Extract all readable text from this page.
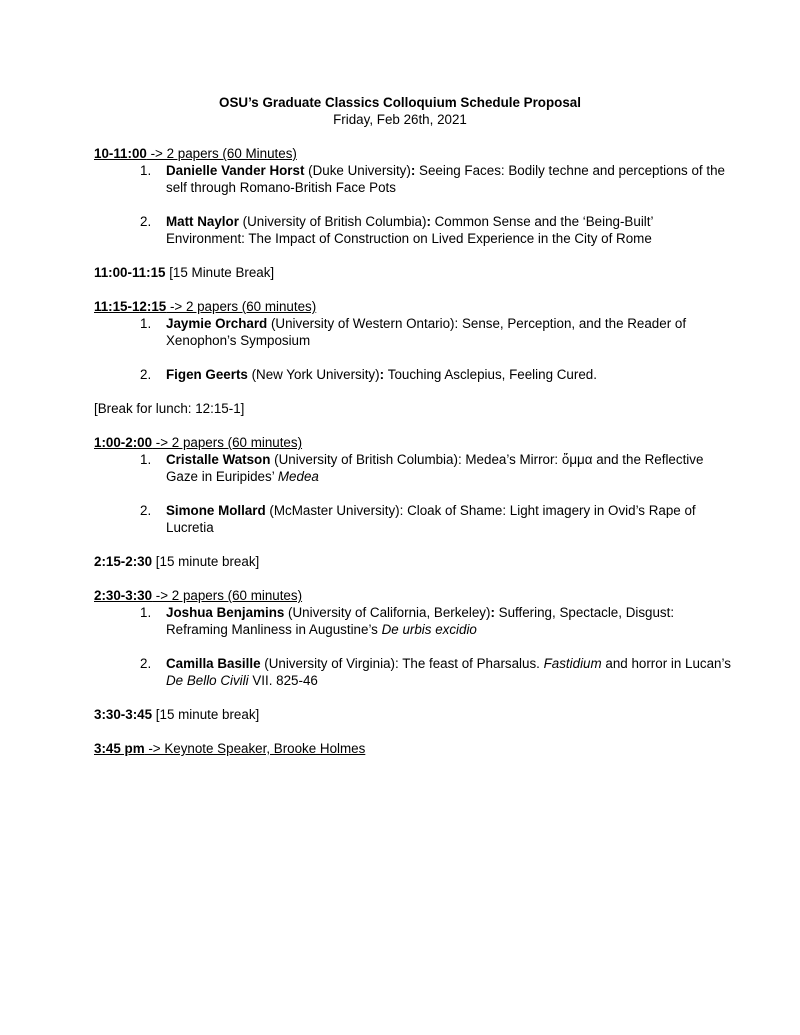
OSU’s Graduate Classics Colloquium Schedule Proposal
Friday, Feb 26th, 2021
10-11:00 -> 2 papers (60 Minutes)
1. Danielle Vander Horst (Duke University): Seeing Faces: Bodily techne and perceptions of the self through Romano-British Face Pots
2. Matt Naylor (University of British Columbia): Common Sense and the ‘Being-Built’ Environment: The Impact of Construction on Lived Experience in the City of Rome
11:00-11:15 [15 Minute Break]
11:15-12:15 -> 2 papers (60 minutes)
1. Jaymie Orchard (University of Western Ontario): Sense, Perception, and the Reader of Xenophon’s Symposium
2. Figen Geerts (New York University): Touching Asclepius, Feeling Cured.
[Break for lunch: 12:15-1]
1:00-2:00 -> 2 papers (60 minutes)
1. Cristalle Watson (University of British Columbia): Medea’s Mirror: ὄμμα and the Reflective Gaze in Euripides’ Medea
2. Simone Mollard (McMaster University): Cloak of Shame: Light imagery in Ovid’s Rape of Lucretia
2:15-2:30 [15 minute break]
2:30-3:30 -> 2 papers (60 minutes)
1. Joshua Benjamins (University of California, Berkeley): Suffering, Spectacle, Disgust: Reframing Manliness in Augustine’s De urbis excidio
2. Camilla Basille (University of Virginia): The feast of Pharsalus. Fastidium and horror in Lucan’s De Bello Civili VII. 825-46
3:30-3:45 [15 minute break]
3:45 pm -> Keynote Speaker, Brooke Holmes
